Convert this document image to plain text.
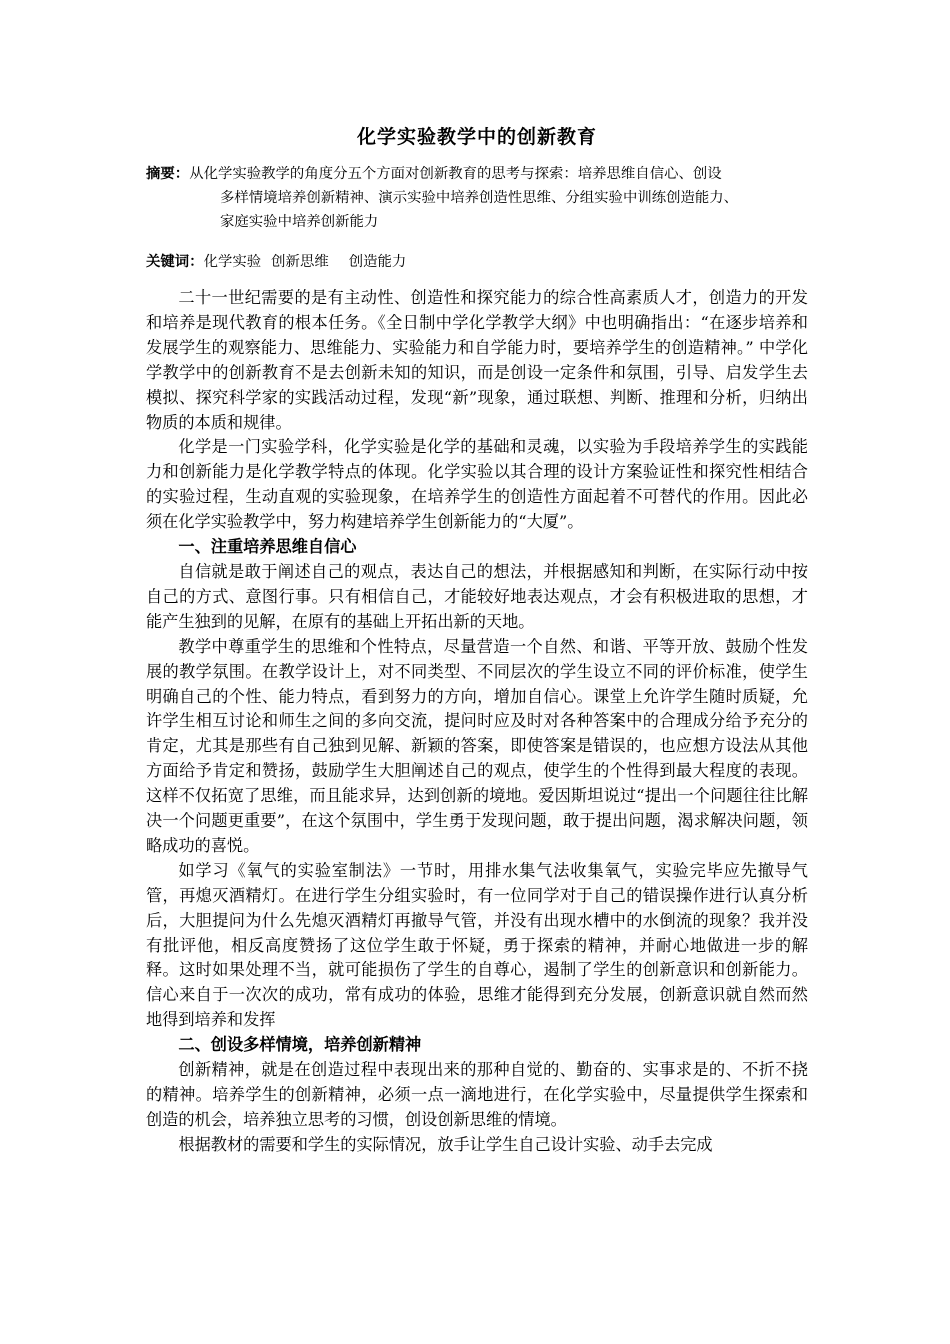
化学实验教学中的创新教育
摘要：从化学实验教学的角度分五个方面对创新教育的思考与探索：培养思维自信心、创设
多样情境培养创新精神、演示实验中培养创造性思维、分组实验中训练创造能力、
家庭实验中培养创新能力
关键词：化学实验 创新思维 创造能力

二十一世纪需要的是有主动性、创造性和探究能力的综合性高素质人才，创造力的开发和培养是现代教育的根本任务。《全日制中学化学教学大纲》中也明确指出：“在逐步培养和发展学生的观察能力、思维能力、实验能力和自学能力时，要培养学生的创造精神。” 中学化学教学中的创新教育不是去创新未知的知识，而是创设一定条件和氛围，引导、启发学生去模拟、探究科学家的实践活动过程，发现“新”现象，通过联想、判断、推理和分析，归纳出物质的本质和规律。

化学是一门实验学科，化学实验是化学的基础和灵魂，以实验为手段培养学生的实践能力和创新能力是化学教学特点的体现。化学实验以其合理的设计方案验证性和探究性相结合的实验过程，生动直观的实验现象，在培养学生的创造性方面起着不可替代的作用。因此必须在化学实验教学中，努力构建培养学生创新能力的“大厦”。

一、注重培养思维自信心

自信就是敢于阐述自己的观点，表达自己的想法，并根据感知和判断，在实际行动中按自己的方式、意图行事。只有相信自己，才能较好地表达观点，才会有积极进取的思想，才能产生独到的见解，在原有的基础上开拓出新的天地。

教学中尊重学生的思维和个性特点，尽量营造一个自然、和谐、平等开放、鼓励个性发展的教学氛围。在教学设计上，对不同类型、不同层次的学生设立不同的评价标准，使学生明确自己的个性、能力特点，看到努力的方向，增加自信心。课堂上允许学生随时质疑，允许学生相互讨论和师生之间的多向交流，提问时应及时对各种答案中的合理成分给予充分的肯定，尤其是那些有自己独到见解、新颖的答案，即使答案是错误的，也应想方设法从其他方面给予肯定和赞扬，鼓励学生大胆阐述自己的观点，使学生的个性得到最大程度的表现。这样不仅拓宽了思维，而且能求异，达到创新的境地。爱因斯坦说过“提出一个问题往往比解决一个问题更重要”，在这个氛围中，学生勇于发现问题，敢于提出问题，渴求解决问题，领略成功的喜悦。

如学习《氧气的实验室制法》一节时，用排水集气法收集氧气，实验完毕应先撤导气管，再熄灭酒精灯。在进行学生分组实验时，有一位同学对于自己的错误操作进行认真分析后，大胆提问为什么先熄灭酒精灯再撤导气管，并没有出现水槽中的水倒流的现象？我并没有批评他，相反高度赞扬了这位学生敢于怀疑，勇于探索的精神，并耐心地做进一步的解释。这时如果处理不当，就可能损伤了学生的自尊心，遏制了学生的创新意识和创新能力。信心来自于一次次的成功，常有成功的体验，思维才能得到充分发展，创新意识就自然而然地得到培养和发挥

二、创设多样情境，培养创新精神

创新精神，就是在创造过程中表现出来的那种自觉的、勤奋的、实事求是的、不折不挠的精神。培养学生的创新精神，必须一点一滴地进行，在化学实验中，尽量提供学生探索和创造的机会，培养独立思考的习惯，创设创新思维的情境。

根据教材的需要和学生的实际情况，放手让学生自己设计实验、动手去完成
